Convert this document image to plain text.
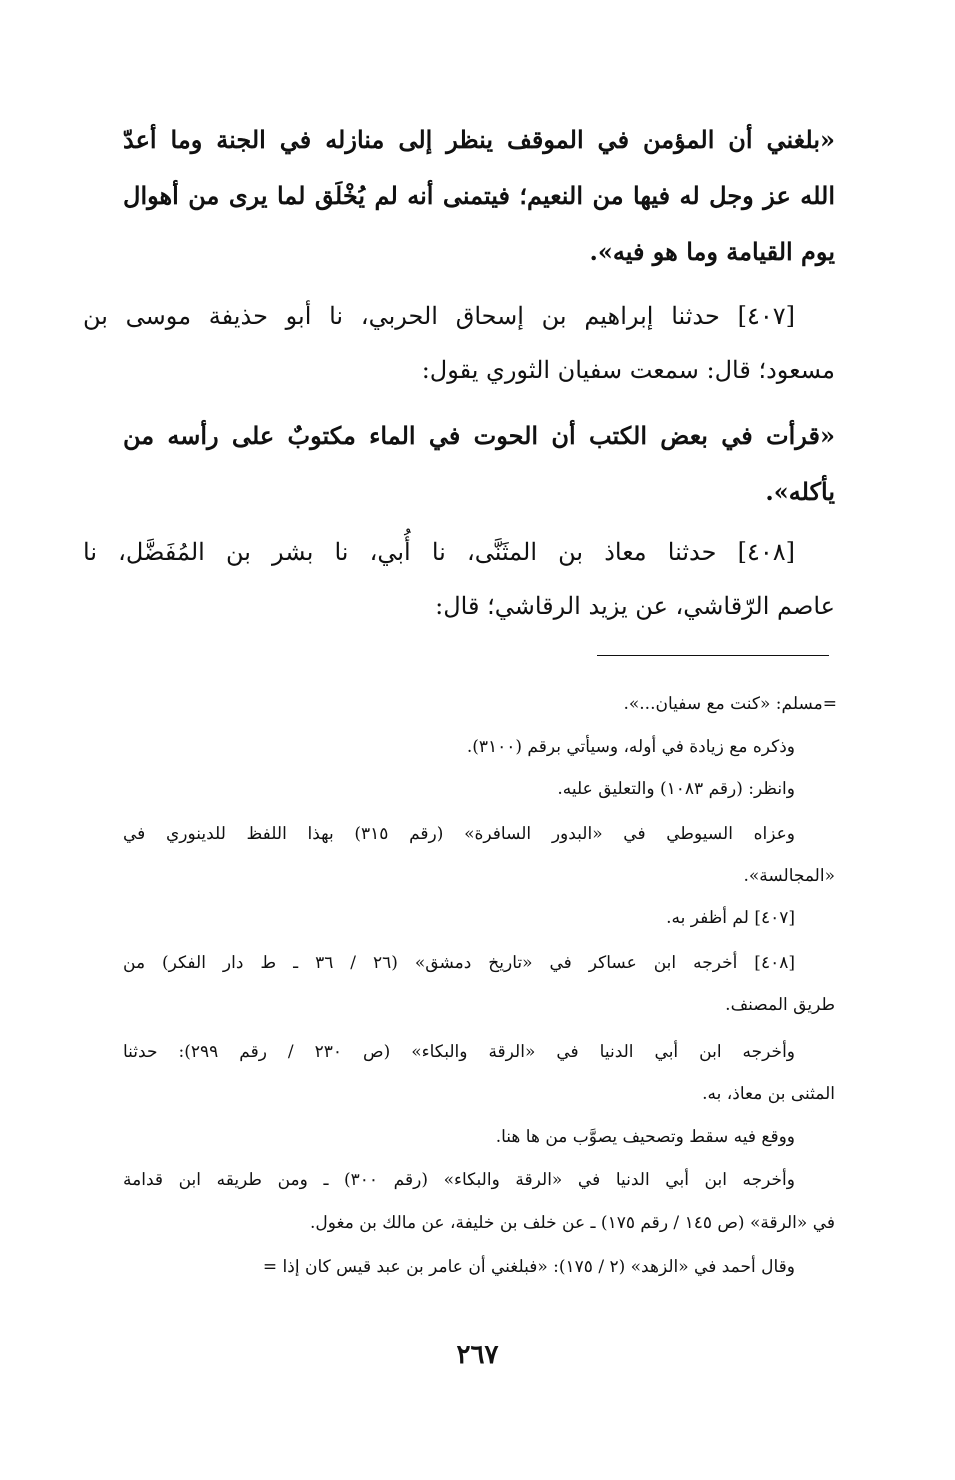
«بلغني أن المؤمن في الموقف ينظر إلى منازله في الجنة وما أعدّ

الله عز وجل له فيها من النعيم؛ فيتمنى أنه لم يُخْلَق لما يرى من أهوال

يوم القيامة وما هو فيه».

[٤٠٧] حدثنا إبراهيم بن إسحاق الحربي، نا أبو حذيفة موسى بن

مسعود؛ قال: سمعت سفيان الثوري يقول:

«قرأت في بعض الكتب أن الحوت في الماء مكتوبٌ على رأسه من

يأكله».

[٤٠٨] حدثنا معاذ بن المثَنَّى، نا أُبي، نا بشر بن المُفَضَّل، نا

عاصم الرّقاشي، عن يزيد الرقاشي؛ قال:

=مسلم: «كنت مع سفيان...».

وذكره مع زيادة في أوله، وسيأتي برقم (٣١٠٠).

وانظر: (رقم ١٠٨٣) والتعليق عليه.

وعزاه السيوطي في «البدور السافرة» (رقم ٣١٥) بهذا اللفظ للدينوري في

«المجالسة».

[٤٠٧] لم أظفر به.

[٤٠٨] أخرجه ابن عساكر في «تاريخ دمشق» (٢٦ / ٣٦ ـ ط دار الفكر) من

طريق المصنف.

وأخرجه ابن أبي الدنيا في «الرقة والبكاء» (ص ٢٣٠ / رقم ٢٩٩): حدثنا

المثنى بن معاذ، به.

ووقع فيه سقط وتصحيف يصوَّب من ها هنا.

وأخرجه ابن أبي الدنيا في «الرقة والبكاء» (رقم ٣٠٠) ـ ومن طريقه ابن قدامة

في «الرقة» (ص ١٤٥ / رقم ١٧٥) ـ عن خلف بن خليفة، عن مالك بن مغول.

وقال أحمد في «الزهد» (٢ / ١٧٥): «فبلغني أن عامر بن عبد قيس كان إذا =

٢٦٧
